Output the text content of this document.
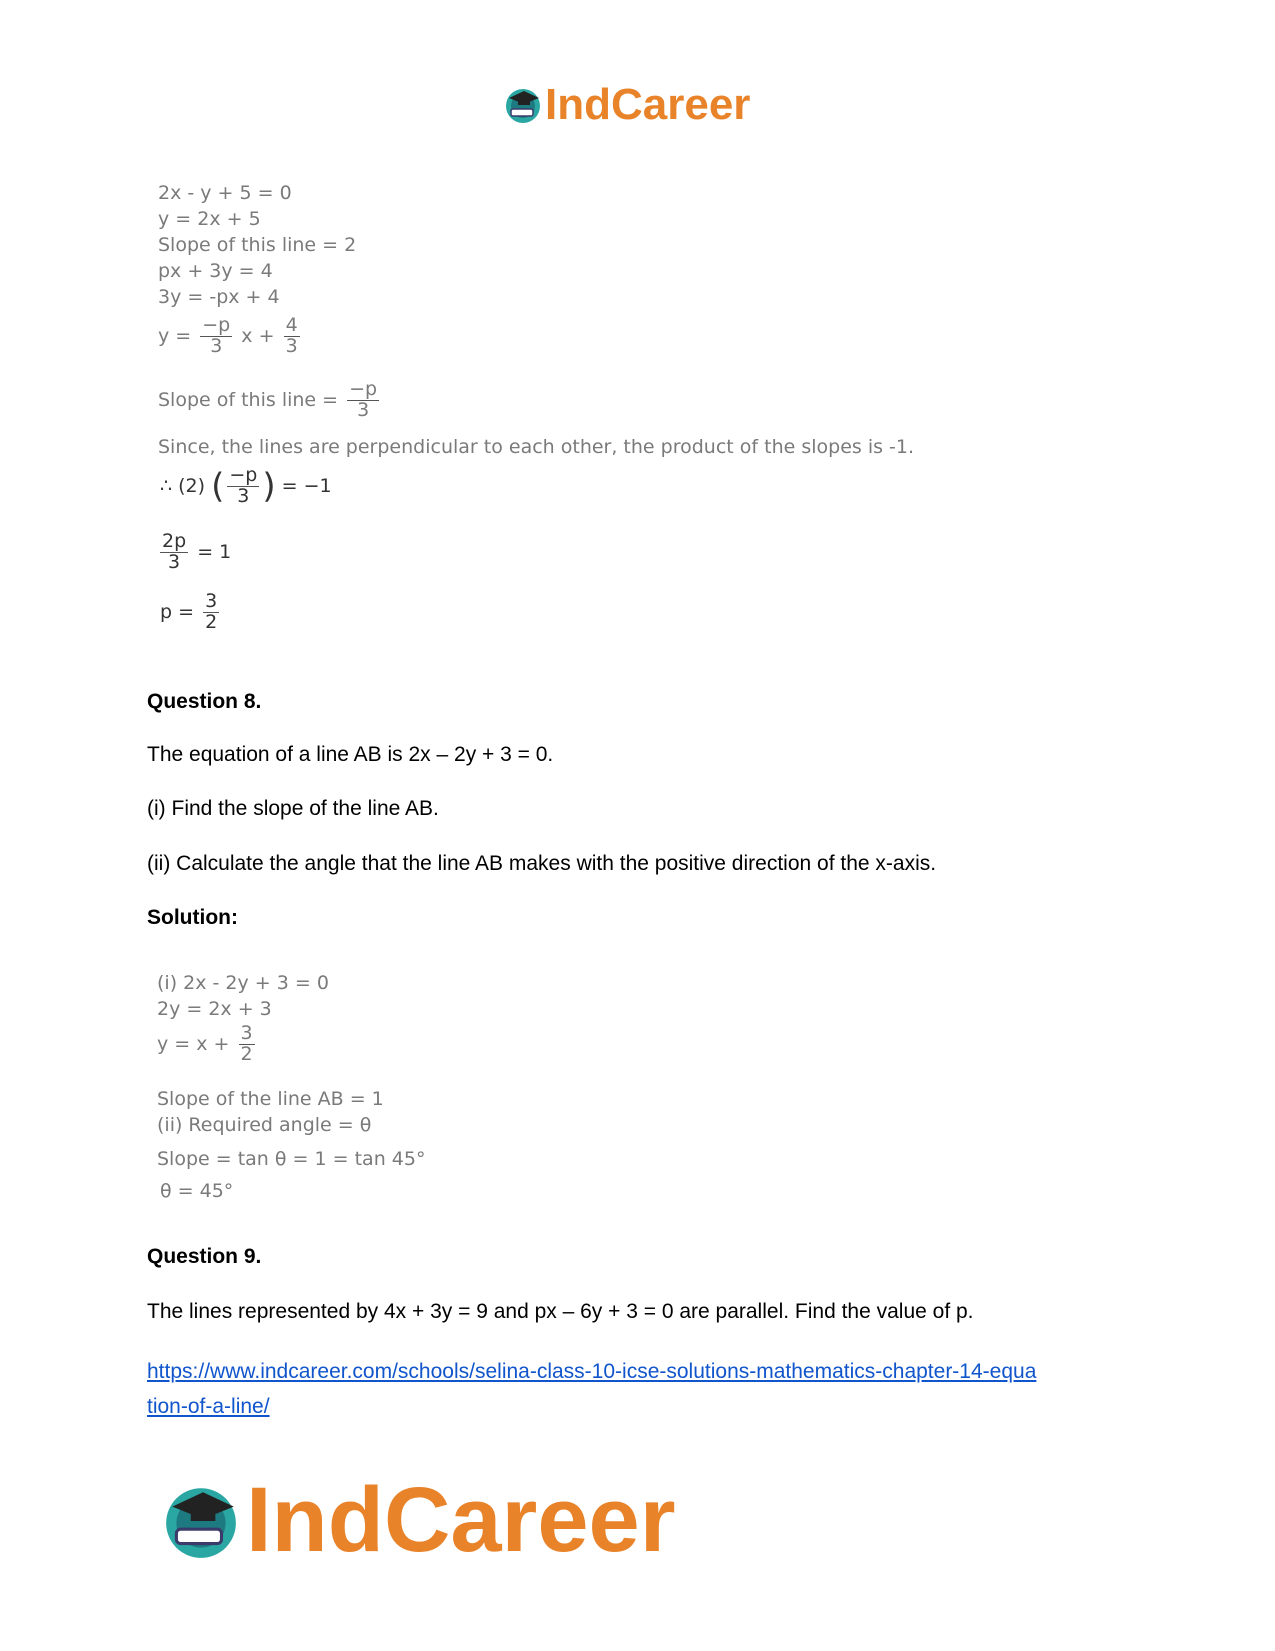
IndCareer
2x - y + 5 = 0
y = 2x + 5
Slope of this line = 2
px + 3y = 4
3y = -px + 4
$y = \frac{-p}{3}$ $x + \frac{4}{3}$
Slope of this line = $\frac{-p}{3}$
Since, the lines are perpendicular to each other, the product of the slopes is -1.
∴ (2) ( $\frac{-p}{3}$ ) = −1
$\frac{2p}{3} = 1$
$p = \frac{3}{2}$
Question 8.
The equation of a line AB is 2x – 2y + 3 = 0.
(i) Find the slope of the line AB.
(ii) Calculate the angle that the line AB makes with the positive direction of the x-axis.
Solution:
(i) 2x - 2y + 3 = 0
2y = 2x + 3
$y = x + \frac{3}{2}$
Slope of the line AB = 1
(ii) Required angle = θ
Slope = tan θ = 1 = tan 45°
θ = 45°
Question 9.
The lines represented by 4x + 3y = 9 and px – 6y + 3 = 0 are parallel. Find the value of p.
https://www.indcareer.com/schools/selina-class-10-icse-solutions-mathematics-chapter-14-equa
tion-of-a-line/
IndCareer
